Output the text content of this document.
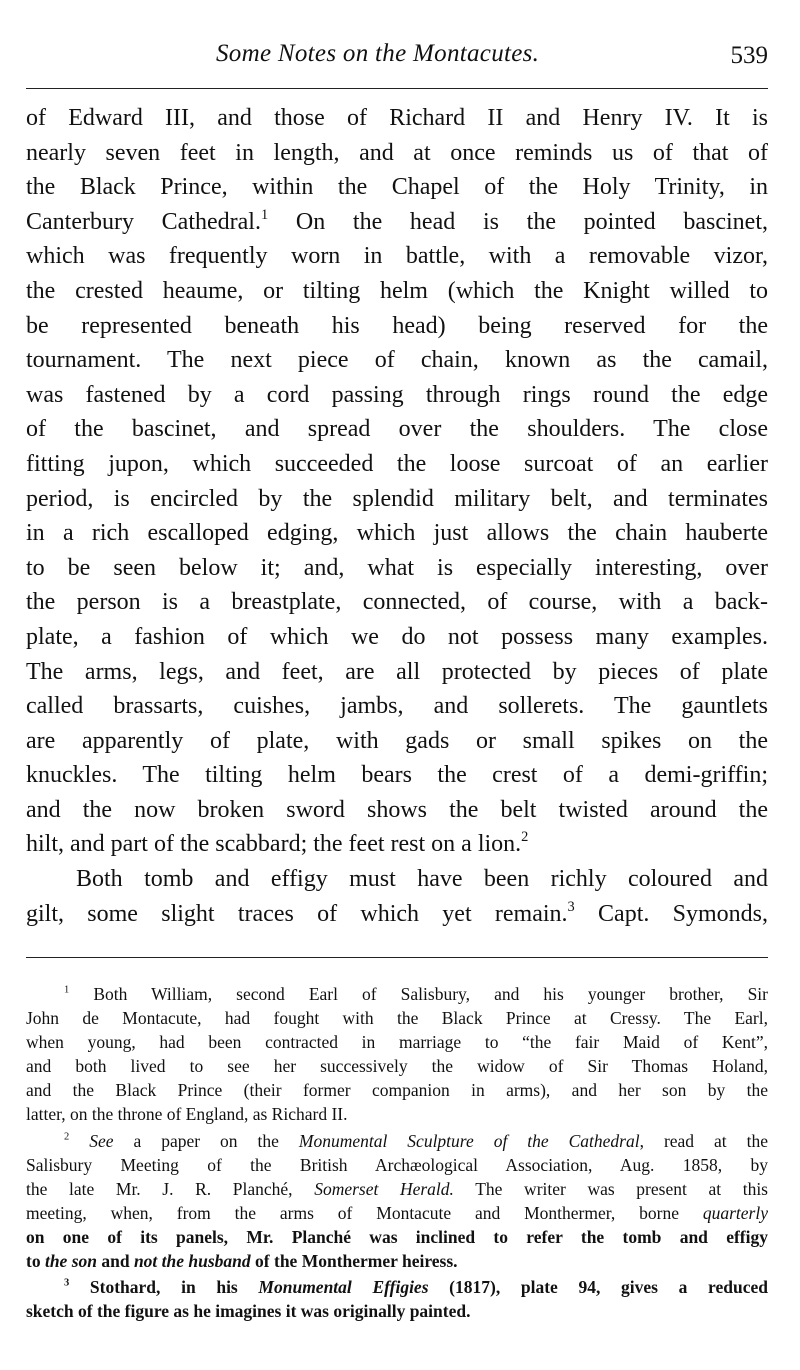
Some Notes on the Montacutes.	539
of Edward III, and those of Richard II and Henry IV. It is
nearly seven feet in length, and at once reminds us of that of
the Black Prince, within the Chapel of the Holy Trinity, in
Canterbury Cathedral.$^1$ On the head is the pointed bascinet,
which was frequently worn in battle, with a removable vizor,
the crested heaume, or tilting helm (which the Knight willed to
be represented beneath his head) being reserved for the
tournament. The next piece of chain, known as the camail,
was fastened by a cord passing through rings round the edge
of the bascinet, and spread over the shoulders. The close
fitting jupon, which succeeded the loose surcoat of an earlier
period, is encircled by the splendid military belt, and terminates
in a rich escalloped edging, which just allows the chain hauberte
to be seen below it; and, what is especially interesting, over
the person is a breastplate, connected, of course, with a back-
plate, a fashion of which we do not possess many examples.
The arms, legs, and feet, are all protected by pieces of plate
called brassarts, cuishes, jambs, and sollerets. The gauntlets
are apparently of plate, with gads or small spikes on the
knuckles. The tilting helm bears the crest of a demi-griffin;
and the now broken sword shows the belt twisted around the
hilt, and part of the scabbard; the feet rest on a lion.$^2$
Both tomb and effigy must have been richly coloured and
gilt, some slight traces of which yet remain.$^3$ Capt. Symonds,
$^1$ Both William, second Earl of Salisbury, and his younger brother, Sir
John de Montacute, had fought with the Black Prince at Cressy. The Earl,
when young, had been contracted in marriage to “the fair Maid of Kent”,
and both lived to see her successively the widow of Sir Thomas Holand,
and the Black Prince (their former companion in arms), and her son by the
latter, on the throne of England, as Richard II.
$^2$ See a paper on the Monumental Sculpture of the Cathedral, read at the
Salisbury Meeting of the British Archæological Association, Aug. 1858, by
the late Mr. J. R. Planché, Somerset Herald. The writer was present at this
meeting, when, from the arms of Montacute and Monthermer, borne quarterly
on one of its panels, Mr. Planché was inclined to refer the tomb and effigy
to the son and not the husband of the Monthermer heiress.
$^3$ Stothard, in his Monumental Effigies (1817), plate 94, gives a reduced
sketch of the figure as he imagines it was originally painted.
